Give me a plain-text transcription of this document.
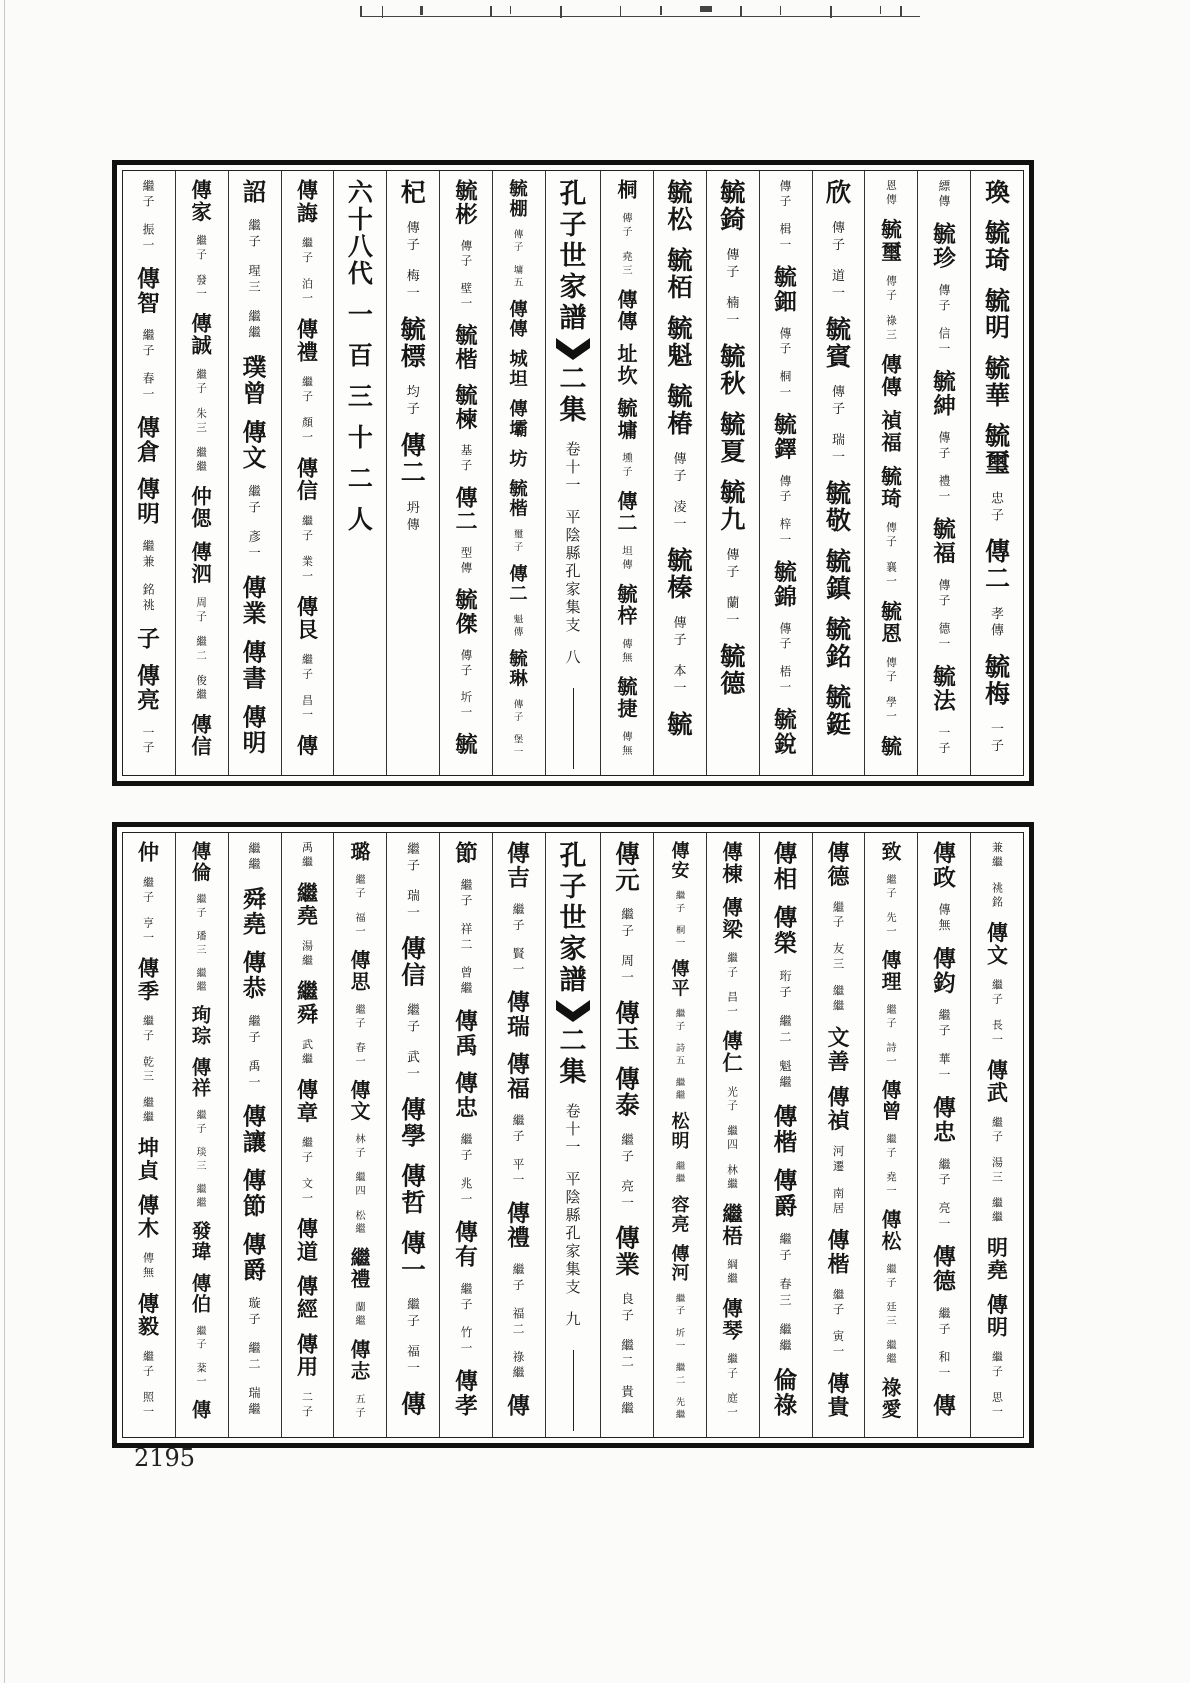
瑍
毓
琦
毓
明
毓
華
毓
璽
忠
子
傳
二
孝
傳
毓
梅
一
子
縹
傳
毓
珍
傳
子
信
一
毓
紳
傳
子
禮
一
毓
福
傳
子
德
一
毓
法
一
子
恩
傳
毓
璽
傳
子
祿
三
傳
傳
禎
福
毓
琦
傳
子
襄
一
毓
恩
傳
子
學
一
毓
欣
傳
子
道
一
毓
賓
傳
子
瑞
一
毓
敬
毓
鎮
毓
銘
毓
鋌
傳
子
楫
一
毓
鈿
傳
子
桐
一
毓
鐸
傳
子
梓
一
毓
錦
傳
子
梧
一
毓
銳
毓
錡
傳
子
楠
一
毓
秋
毓
夏
毓
九
傳
子
蘭
一
毓
德
毓
松
毓
栢
毓
魁
毓
椿
傳
子
凌
一
毓
榛
傳
子
本
一
毓
桐
傳
子
堯
三
傳
傳
址
坎
毓
墉
壎
子
傳
二
坦
傳
毓
梓
傳
無
毓
捷
傳
無
孔
子
世
家
譜
二
集
卷
十
一
平
陰
縣
孔
家
集
支
八
毓
棚
傳
子
墉
五
傳
傳
城
坦
傳
壩
坊
毓
楷
璽
子
傳
二
魁
傳
毓
琳
傳
子
堡
一
毓
彬
傳
子
壁
一
毓
楷
毓
楝
基
子
傳
二
型
傳
毓
傑
傳
子
圻
一
毓
杞
傳
子
梅
一
毓
標
均
子
傳
二
坍
傳
六
十
八
代
一
百
三
十
二
人
傳
誨
繼
子
泊
一
傳
禮
繼
子
顏
一
傳
信
繼
子
業
一
傳
艮
繼
子
昌
一
傳
詔
繼
子
瑆
三
繼
繼
璞
曾
傳
文
繼
子
彥
一
傳
業
傳
書
傳
明
傳
家
繼
子
發
一
傳
誠
繼
子
朱
三
繼
繼
仲
偲
傳
泗
周
子
繼
二
俊
繼
傳
信
繼
子
振
一
傳
智
繼
子
春
一
傳
倉
傳
明
繼
兼
銘
祧
子
傳
亮
一
子
兼
繼
祧
銘
傳
文
繼
子
長
一
傳
武
繼
子
湯
三
繼
繼
明
堯
傳
明
繼
子
思
一
傳
政
傳
無
傳
鈞
繼
子
華
一
傳
忠
繼
子
亮
一
傳
德
繼
子
和
一
傳
致
繼
子
先
一
傳
理
繼
子
詩
一
傳
曾
繼
子
堯
一
傳
松
繼
子
廷
三
繼
繼
祿
愛
傳
德
繼
子
友
三
繼
繼
文
善
傳
禎
河
遷
南
居
傳
楷
繼
子
寅
一
傳
貴
傳
相
傳
榮
珩
子
繼
二
魁
繼
傳
楷
傳
爵
繼
子
春
三
繼
繼
倫
祿
傳
棟
傳
梁
繼
子
昌
一
傳
仁
光
子
繼
四
林
繼
繼
梧
綱
繼
傳
琴
繼
子
庭
一
傳
安
繼
子
桐
一
傳
平
繼
子
詩
五
繼
繼
松
明
繼
繼
容
亮
傳
河
繼
子
圻
一
繼
二
先
繼
傳
元
繼
子
周
一
傳
玉
傳
泰
繼
子
亮
一
傳
業
良
子
繼
二
貴
繼
孔
子
世
家
譜
二
集
卷
十
一
平
陰
縣
孔
家
集
支
九
傳
吉
繼
子
賢
一
傳
瑞
傳
福
繼
子
平
一
傳
禮
繼
子
福
二
祿
繼
傳
節
繼
子
祥
二
曾
繼
傳
禹
傳
忠
繼
子
兆
一
傳
有
繼
子
竹
一
傳
孝
繼
子
瑞
一
傳
信
繼
子
武
一
傳
學
傳
哲
傳
一
繼
子
福
一
傳
璐
繼
子
福
一
傳
思
繼
子
春
一
傳
文
林
子
繼
四
松
繼
繼
禮
蘭
繼
傳
志
五
子
禹
繼
繼
堯
湯
繼
繼
舜
武
繼
傳
章
繼
子
文
一
傳
道
傳
經
傳
用
二
子
繼
繼
舜
堯
傳
恭
繼
子
禹
一
傳
讓
傳
節
傳
爵
璇
子
繼
二
瑞
繼
傳
倫
繼
子
璠
三
繼
繼
珣
琮
傳
祥
繼
子
琰
三
繼
繼
發
瑋
傳
伯
繼
子
棻
一
傳
仲
繼
子
亨
一
傳
季
繼
子
乾
三
繼
繼
坤
貞
傳
木
傳
無
傳
毅
繼
子
照
一
2195
